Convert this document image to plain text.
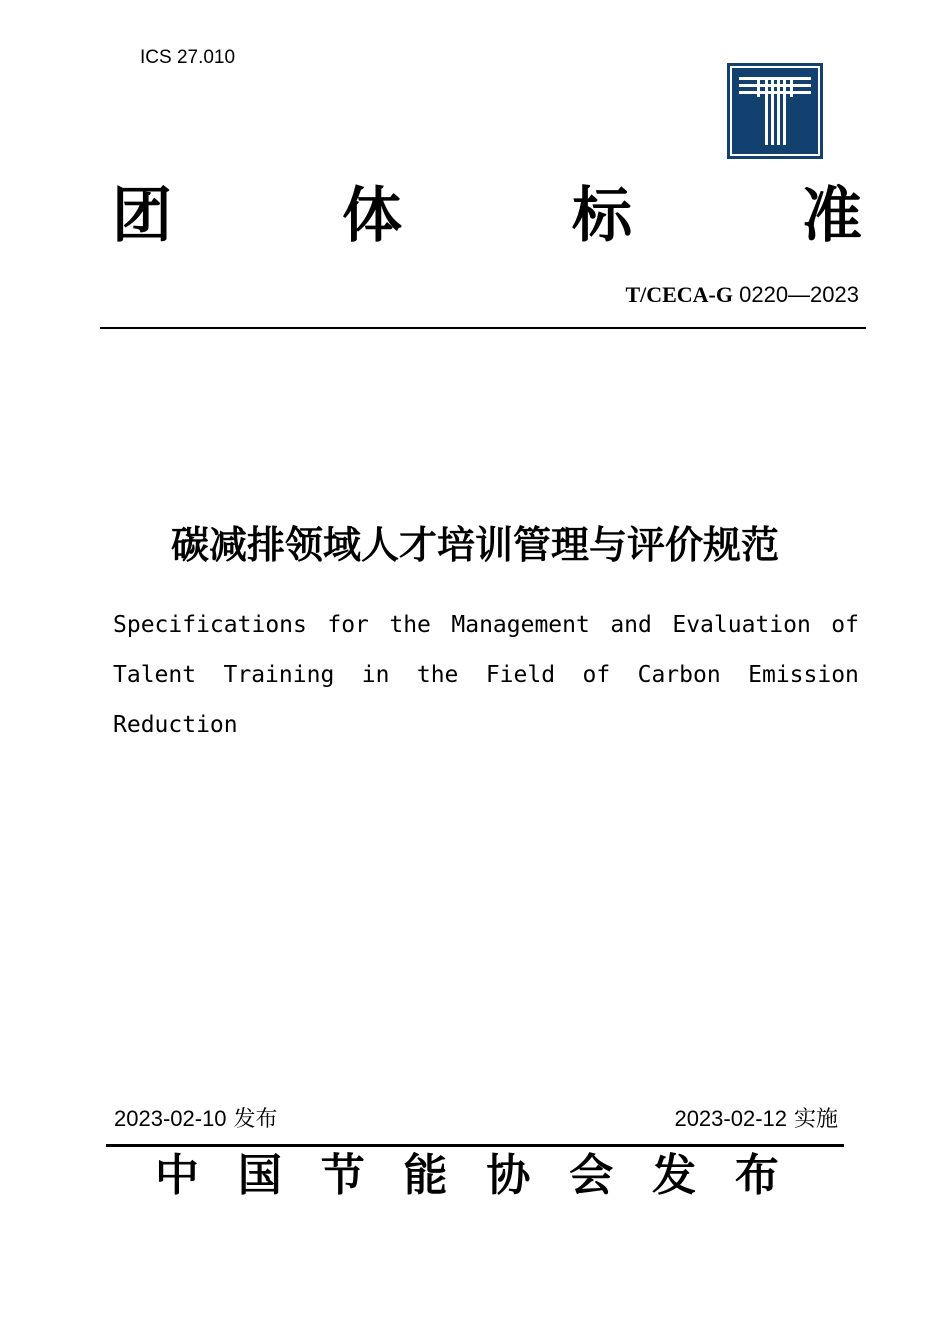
ICS 27.010
团	体	标	准
T/CECA-G 0220—2023
碳减排领域人才培训管理与评价规范
Specifications for the Management and Evaluation of
Talent Training in the Field of Carbon Emission
Reduction
2023-02-10 发布	2023-02-12 实施
中 国 节 能 协 会 发 布
